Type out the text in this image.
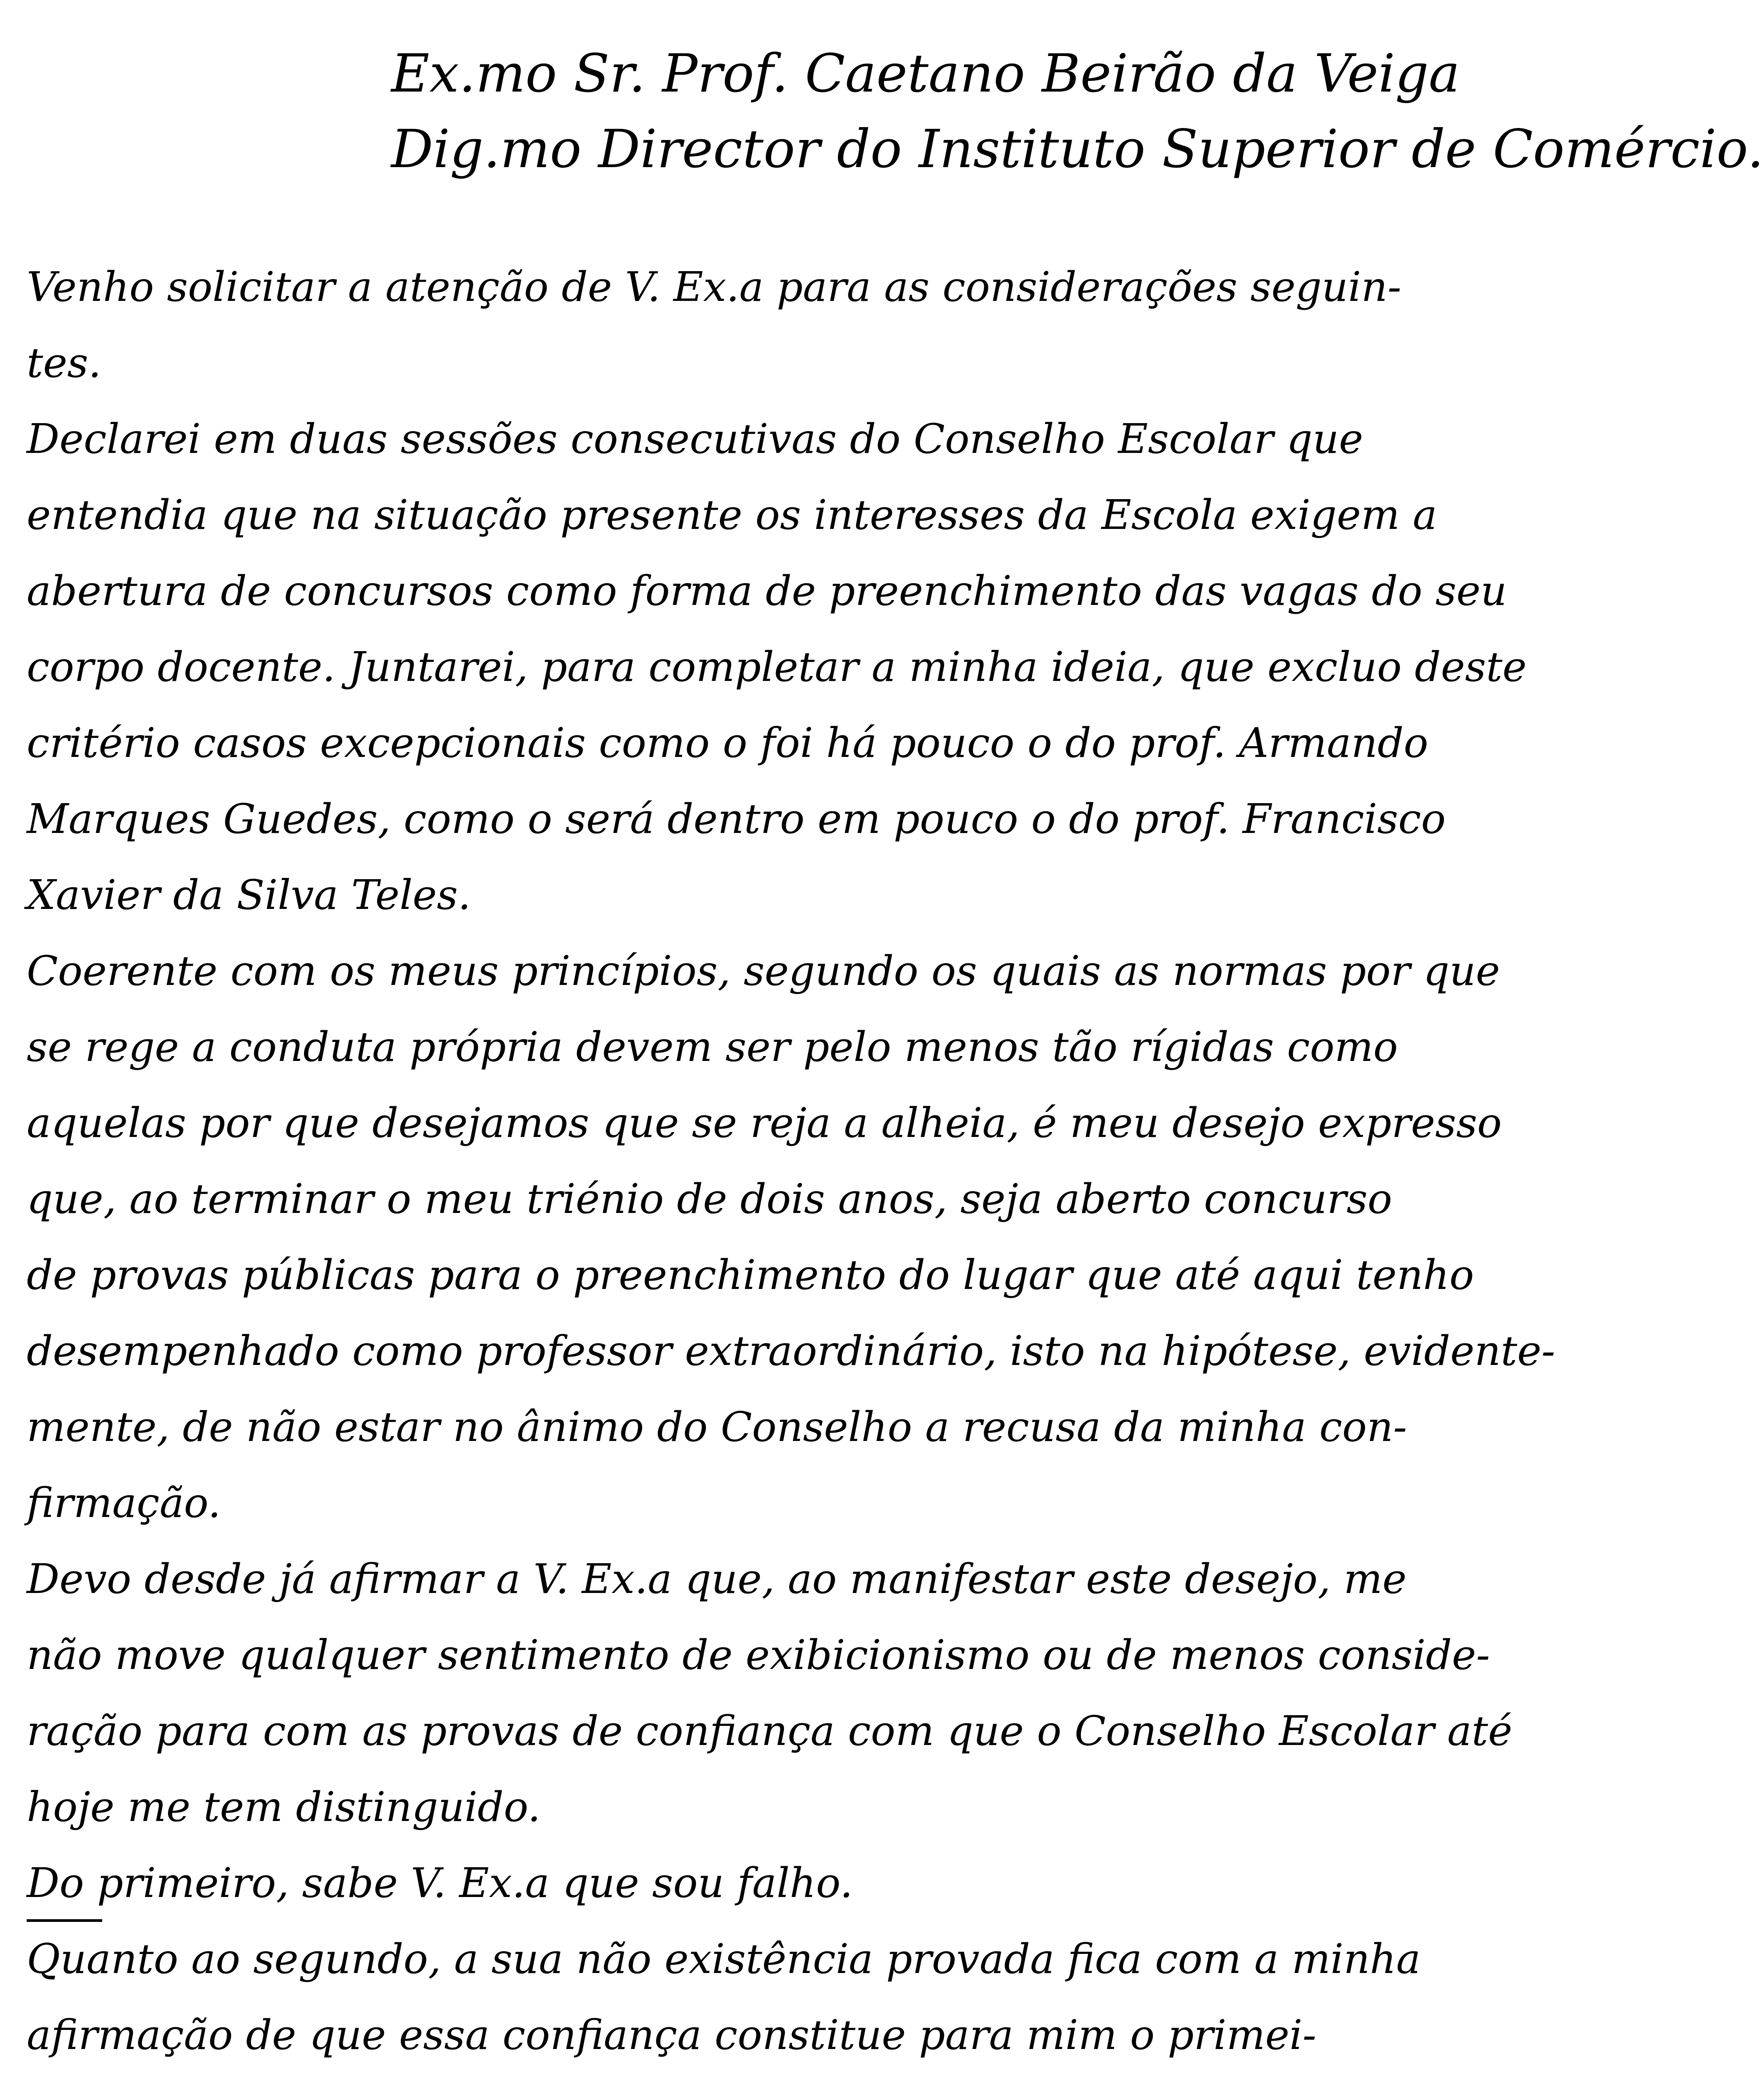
Ex.mo Sr. Prof. Caetano Beirão da Veiga
Dig.mo Director do Instituto Superior de Comércio.
Venho solicitar a atenção de V. Ex.a para as considerações seguin-
tes.
Declarei em duas sessões consecutivas do Conselho Escolar que
entendia que na situação presente os interesses da Escola exigem a
abertura de concursos como forma de preenchimento das vagas do seu
corpo docente. Juntarei, para completar a minha ideia, que excluo deste
critério casos excepcionais como o foi há pouco o do prof. Armando
Marques Guedes, como o será dentro em pouco o do prof. Francisco
Xavier da Silva Teles.
Coerente com os meus princípios, segundo os quais as normas por que
se rege a conduta própria devem ser pelo menos tão rígidas como
aquelas por que desejamos que se reja a alheia, é meu desejo expresso
que, ao terminar o meu triénio de dois anos, seja aberto concurso
de provas públicas para o preenchimento do lugar que até aqui tenho
desempenhado como professor extraordinário, isto na hipótese, evidente-
mente, de não estar no ânimo do Conselho a recusa da minha con-
firmação.
Devo desde já afirmar a V. Ex.a que, ao manifestar este desejo, me
não move qualquer sentimento de exibicionismo ou de menos conside-
ração para com as provas de confiança com que o Conselho Escolar até
hoje me tem distinguido.
Do primeiro, sabe V. Ex.a que sou falho.
Quanto ao segundo, a sua não existência provada fica com a minha
afirmação de que essa confiança constitue para mim o primei-
